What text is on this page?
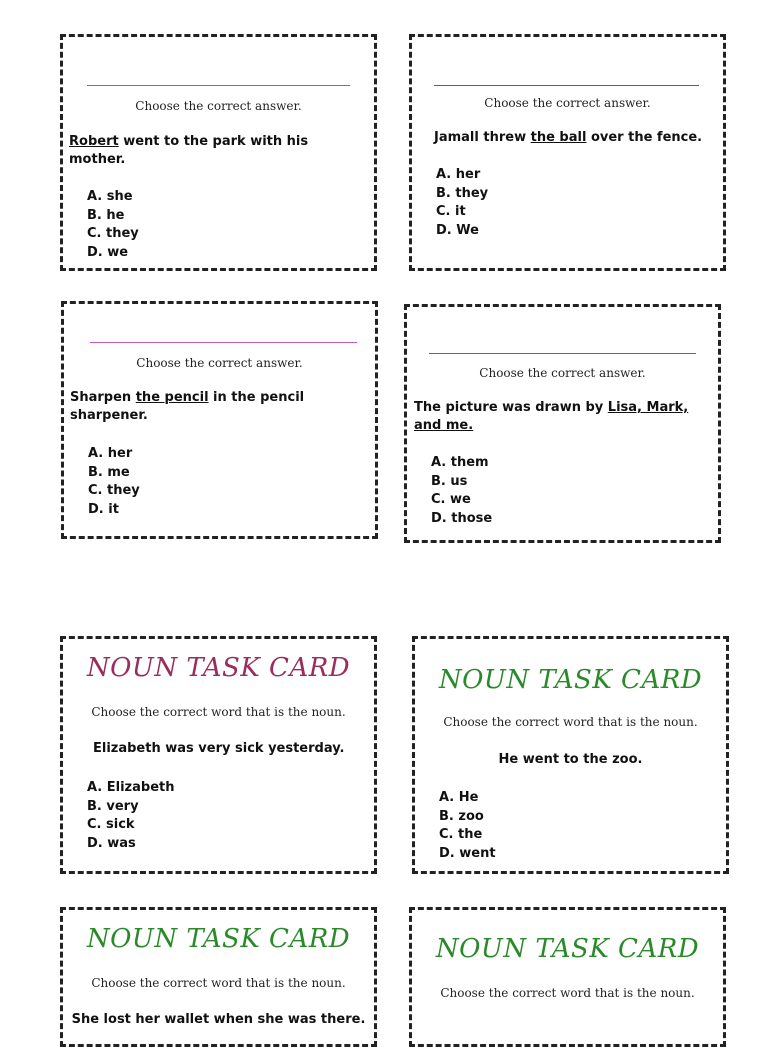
Choose the correct answer.
Robert went to the park with his mother.
A. she
B. he
C. they
D. we
Choose the correct answer.
Jamall threw the ball over the fence.
A. her
B. they
C. it
D. We
Choose the correct answer.
Sharpen the pencil in the pencil sharpener.
A. her
B. me
C. they
D. it
Choose the correct answer.
The picture was drawn by Lisa, Mark, and me.
A. them
B. us
C. we
D. those
NOUN TASK CARD
Choose the correct word that is the noun.
Elizabeth was very sick yesterday.
A. Elizabeth
B. very
C. sick
D. was
NOUN TASK CARD
Choose the correct word that is the noun.
He went to the zoo.
A. He
B. zoo
C. the
D. went
NOUN TASK CARD
Choose the correct word that is the noun.
She lost her wallet when she was there.
NOUN TASK CARD
Choose the correct word that is the noun.
